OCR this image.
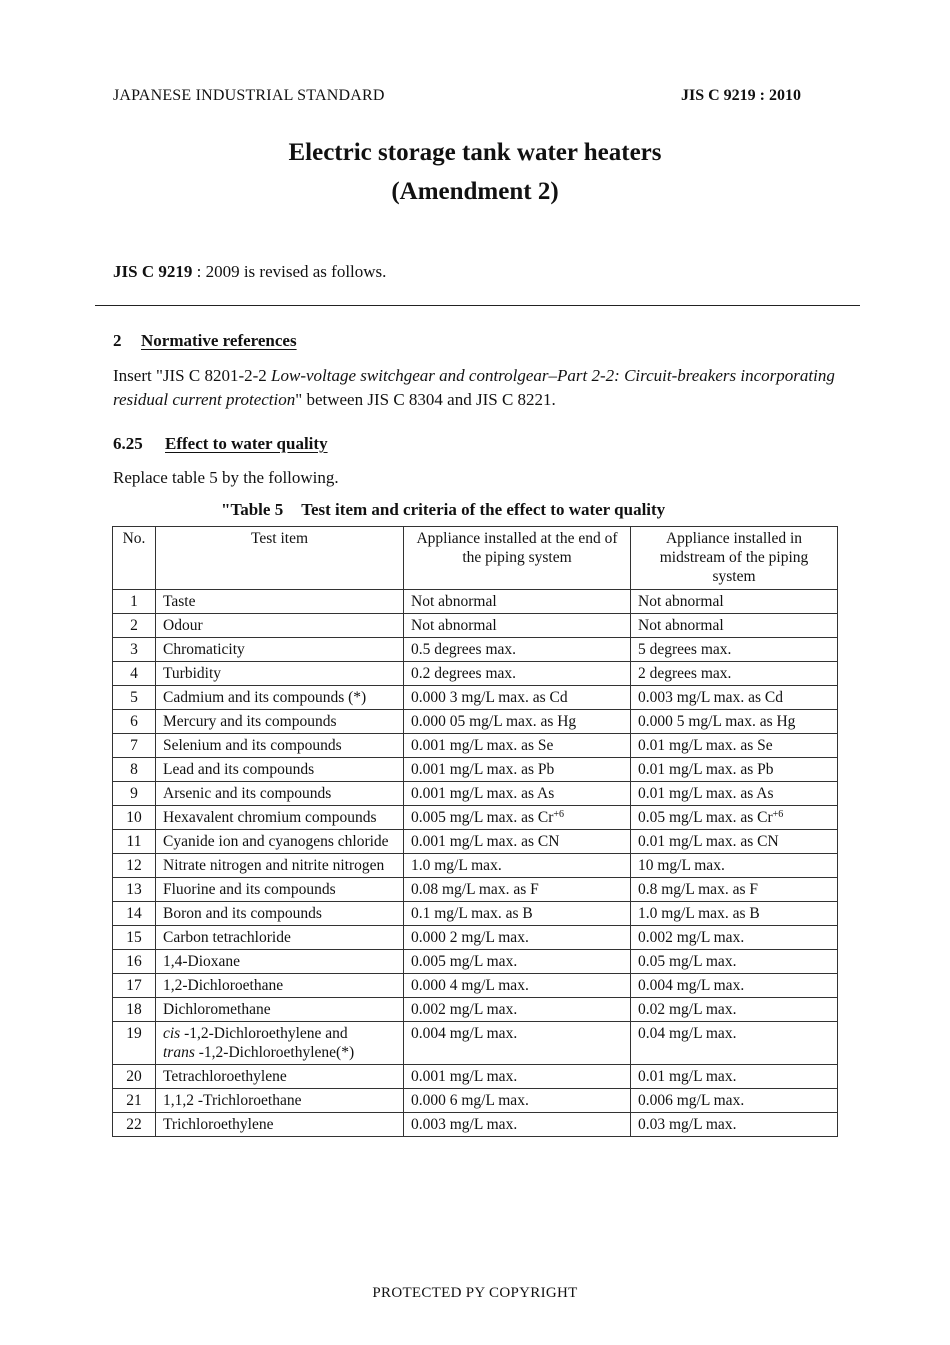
JAPANESE INDUSTRIAL STANDARD	JIS C 9219 : 2010
Electric storage tank water heaters
(Amendment 2)
JIS C 9219 : 2009 is revised as follows.
2 Normative references
Insert "JIS C 8201-2-2 Low-voltage switchgear and controlgear–Part 2-2: Circuit-breakers incorporating residual current protection" between JIS C 8304 and JIS C 8221.
6.25 Effect to water quality
Replace table 5 by the following.
"Table 5 Test item and criteria of the effect to water quality
No.	Test item	Appliance installed at the end of the piping system	Appliance installed in midstream of the piping system
1	Taste	Not abnormal	Not abnormal
2	Odour	Not abnormal	Not abnormal
3	Chromaticity	0.5 degrees max.	5 degrees max.
4	Turbidity	0.2 degrees max.	2 degrees max.
5	Cadmium and its compounds (*)	0.000 3 mg/L max. as Cd	0.003 mg/L max. as Cd
6	Mercury and its compounds	0.000 05 mg/L max. as Hg	0.000 5 mg/L max. as Hg
7	Selenium and its compounds	0.001 mg/L max. as Se	0.01 mg/L max. as Se
8	Lead and its compounds	0.001 mg/L max. as Pb	0.01 mg/L max. as Pb
9	Arsenic and its compounds	0.001 mg/L max. as As	0.01 mg/L max. as As
10	Hexavalent chromium compounds	0.005 mg/L max. as $Cr^{+6}$	0.05 mg/L max. as $Cr^{+6}$
11	Cyanide ion and cyanogens chloride	0.001 mg/L max. as CN	0.01 mg/L max. as CN
12	Nitrate nitrogen and nitrite nitrogen	1.0 mg/L max.	10 mg/L max.
13	Fluorine and its compounds	0.08 mg/L max. as F	0.8 mg/L max. as F
14	Boron and its compounds	0.1 mg/L max. as B	1.0 mg/L max. as B
15	Carbon tetrachloride	0.000 2 mg/L max.	0.002 mg/L max.
16	1,4-Dioxane	0.005 mg/L max.	0.05 mg/L max.
17	1,2-Dichloroethane	0.000 4 mg/L max.	0.004 mg/L max.
18	Dichloromethane	0.002 mg/L max.	0.02 mg/L max.
19	cis -1,2-Dichloroethylene and
trans -1,2-Dichloroethylene(*)	0.004 mg/L max.	0.04 mg/L max.
20	Tetrachloroethylene	0.001 mg/L max.	0.01 mg/L max.
21	1,1,2 -Trichloroethane	0.000 6 mg/L max.	0.006 mg/L max.
22	Trichloroethylene	0.003 mg/L max.	0.03 mg/L max.
PROTECTED PY COPYRIGHT
